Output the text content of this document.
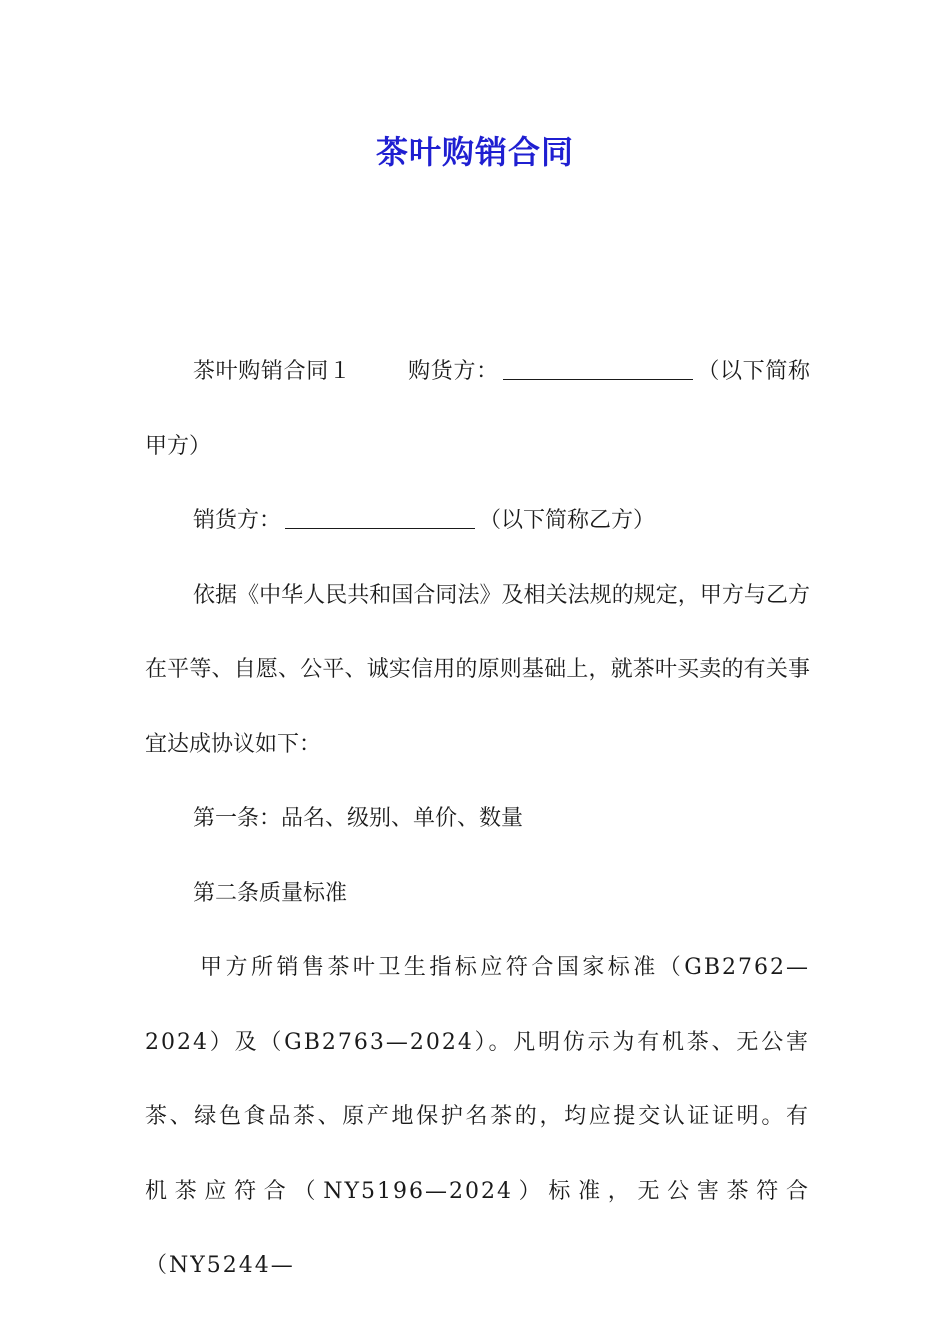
茶叶购销合同

茶叶购销合同１	购货方：	（以下简称甲方）

销货方：	（以下简称乙方）

依据《中华人民共和国合同法》及相关法规的规定，甲方与乙方在平等、自愿、公平、诚实信用的原则基础上，就茶叶买卖的有关事宜达成协议如下：

第一条：品名、级别、单价、数量

第二条质量标准

甲方所销售茶叶卫生指标应符合国家标准（GB2762—2024）及（GB2763—2024）。凡明仿示为有机茶、无公害茶、绿色食品茶、原产地保护名茶的，均应提交认证证明。有机茶应符合（NY5196—2024）标准，无公害茶符合（NY5244—
